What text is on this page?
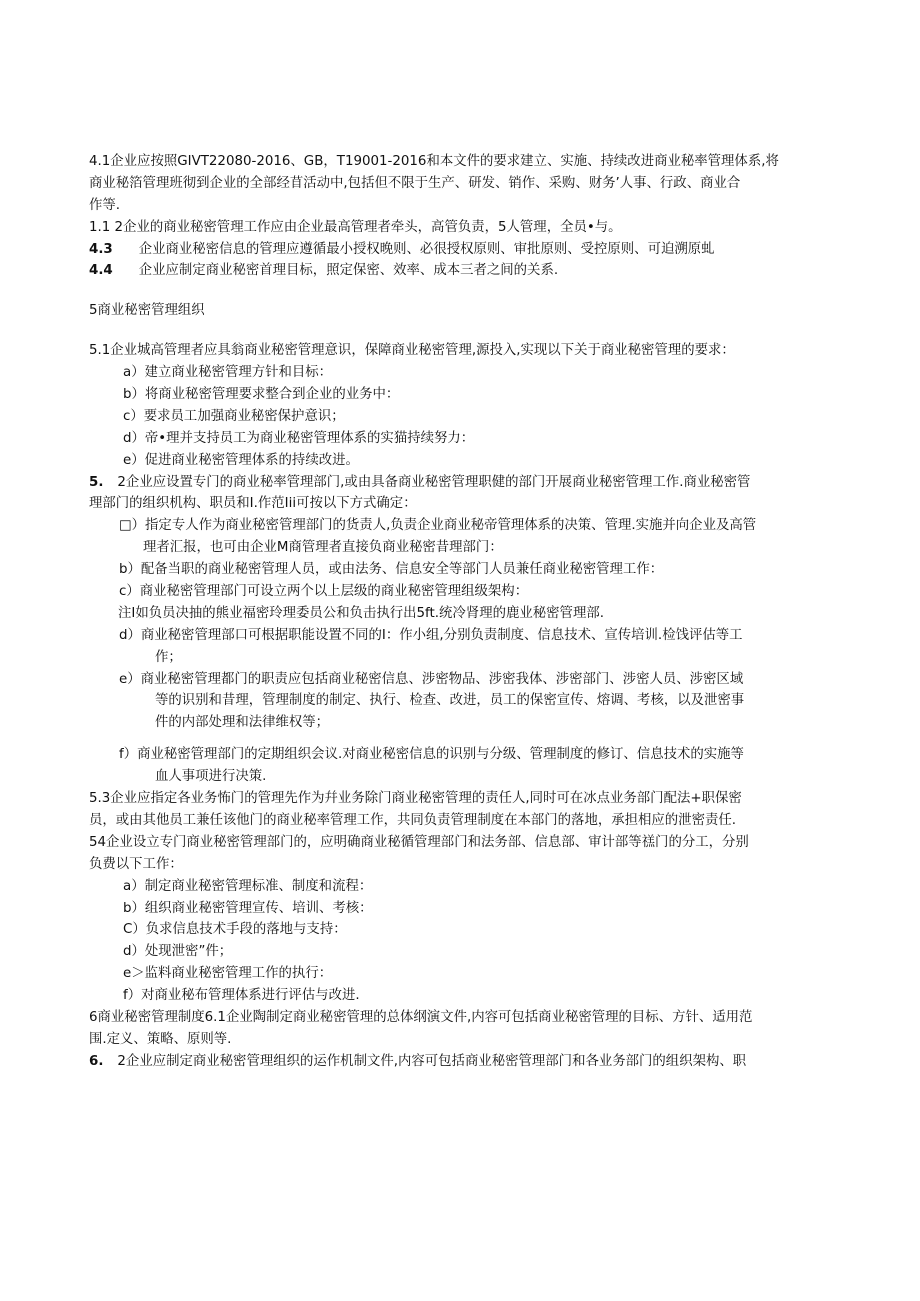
4.1企业应按照GIVT22080-2016、GB，T19001-2016和本文件的要求建立、实施、持续改进商业秘率管理体系,将
商业秘箔管理班彻到企业的全部经苜活动中,包括但不限于生产、研发、销作、采购、财务’人事、行政、商业合
作等.
1.1 2企业的商业秘密管理工作应由企业最高管理者牵头，高管负责，5人管理，全员•与。
4.3 企业商业秘密信息的管理应遵循最小授权晚则、必很授权原则、审批原则、受控原则、可迫溯原虬
4.4 企业应制定商业秘密首理目标，照定保密、效率、成本三者之间的关系.
5商业秘密管理组织
5.1企业城高管理者应具翁商业秘密管理意识，保障商业秘密管理,源投入,实现以下关于商业秘密管理的要求：
a）建立商业秘密管理方针和目标：
b）将商业秘密管理要求整合到企业的业务中：
c）要求员工加强商业秘密保护意识；
d）帝•理并支持员工为商业秘密管理体系的实猫持续努力：
e）促进商业秘密管理体系的持续改进。
5. 2企业应设置专门的商业秘率管理部门,或由具备商业秘密管理职健的部门开展商业秘密管理工作.商业秘密管
理部门的组织机构、职员和I.作范Iii可按以下方式确定：
□）指定专人作为商业秘密管理部门的货责人,负责企业商业秘帝管理体系的决策、管理.实施并向企业及高管
理者汇报，也可由企业M商管理者直接负商业秘密昔理部门：
b）配备当职的商业秘密管理人员，或由法务、信息安全等部门人员兼任商业秘密管理工作：
c）商业秘密管理部门可设立两个以上层级的商业秘密管理组级架构：
注I如负员决抽的熊业福密玲理委员公和负击执行出5ft.统冷肾理的鹿业秘密管理部.
d）商业秘密管理部口可根据职能设置不同的I：作小组,分别负责制度、信息技术、宣传培训.检饯评估等工
作；
e）商业秘密管理都门的职责应包括商业秘密信息、涉密物品、涉密我体、涉密部门、涉密人员、涉密区域
等的识别和昔理，管理制度的制定、执行、检查、改进，员工的保密宣传、熔调、考核，以及泄密事
件的内部处理和法律维权等；
f）商业秘密管理部门的定期组织会议.对商业秘密信息的识别与分级、管理制度的修订、信息技术的实施等
血人事项进行决策.
5.3企业应指定各业务怖门的管理先作为幷业务除门商业秘密管理的责任人,同时可在冰点业务部门配法+职保密
员，或由其他员工兼任该他门的商业秘率管理工作，共同负责管理制度在本部门的落地，承担相应的泄密责任.
54企业设立专门商业秘密管理部门的，应明确商业秘循管理部门和法务部、信息部、审计部等禚门的分工，分别
负费以下工作：
a）制定商业秘密管理标准、制度和流程：
b）组织商业秘密管理宣传、培训、考核：
C）负求信息技术手段的落地与支持：
d）处现泄密”件；
e＞监料商业秘密管理工作的执行：
f）对商业秘布管理体系进行评估与改进.
6商业秘密管理制度6.1企业陶制定商业秘密管理的总体纲演文件,内容可包括商业秘密管理的目标、方针、适用范
围.定义、策略、原则等.
6. 2企业应制定商业秘密管理组织的运作机制文件,内容可包括商业秘密管理部门和各业务部门的组织架构、职
